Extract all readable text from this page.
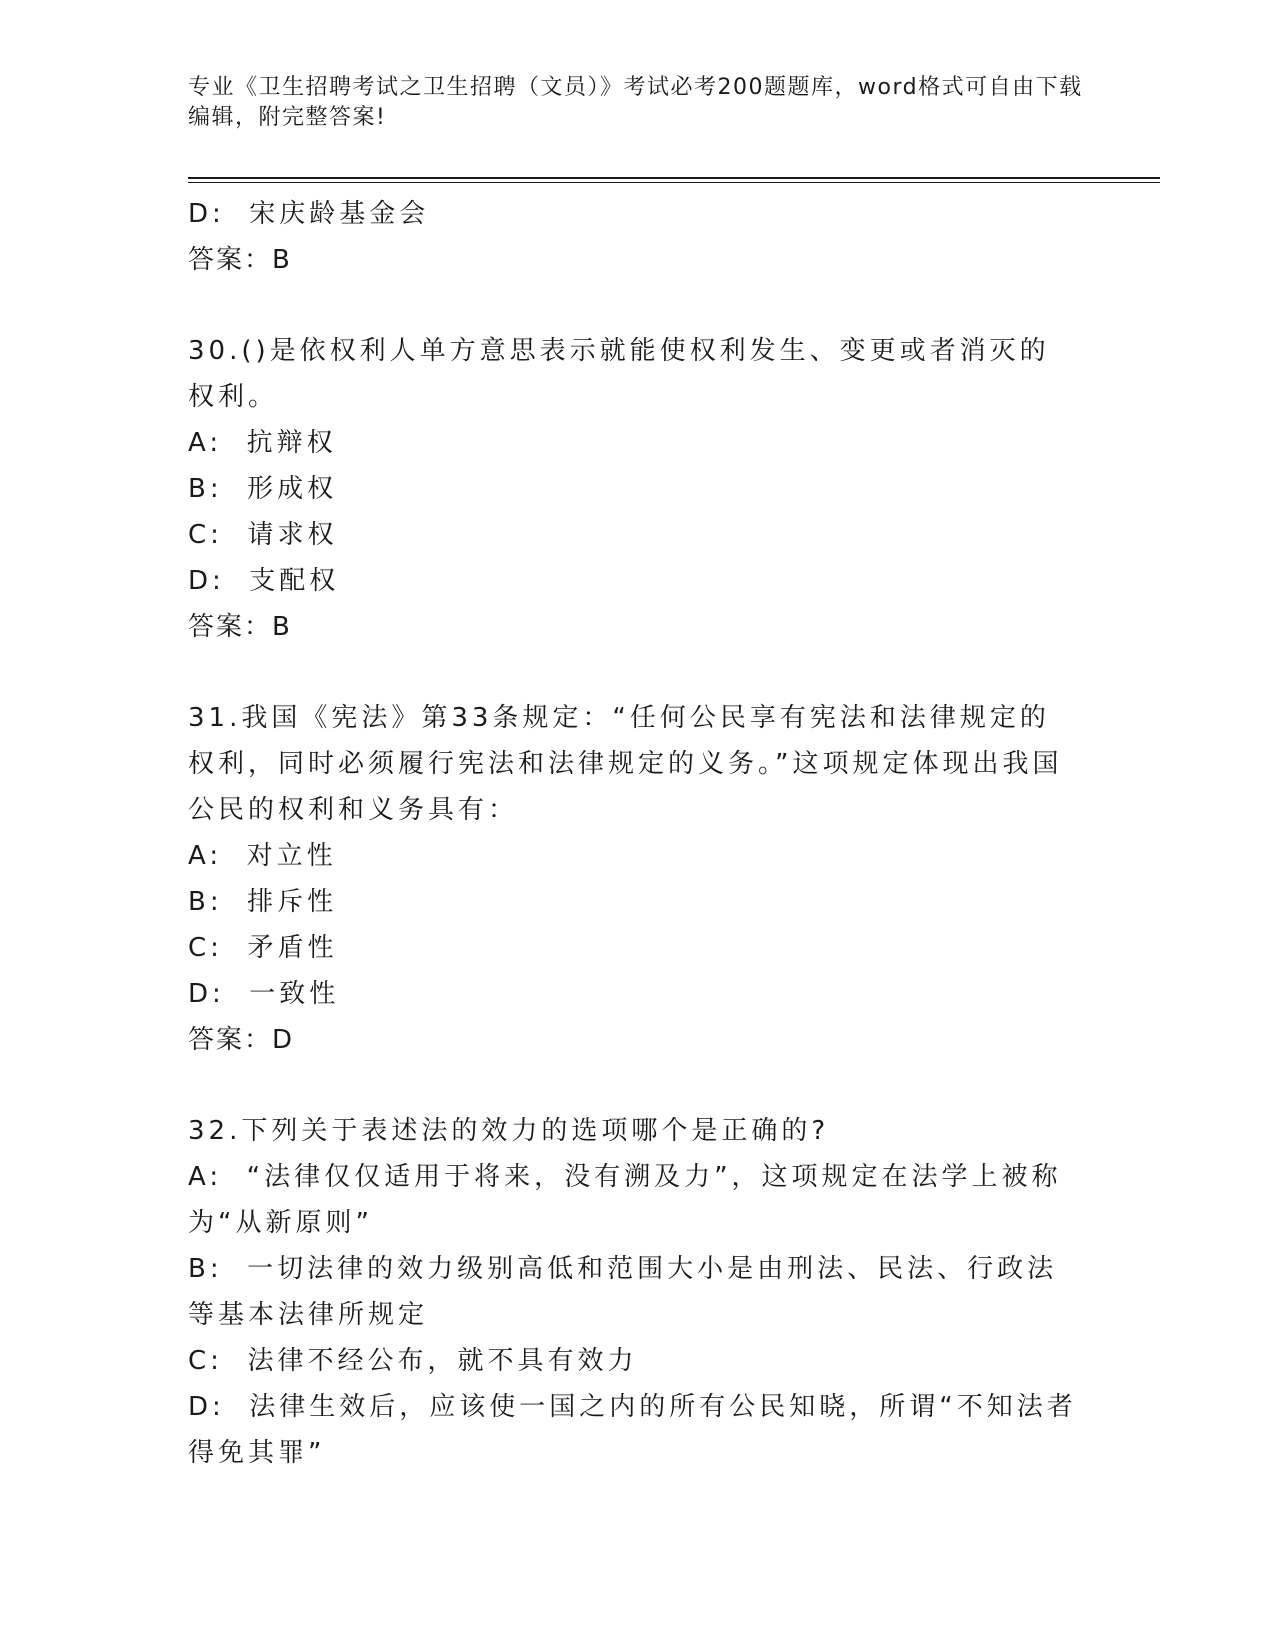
专业《卫生招聘考试之卫生招聘（文员）》考试必考200题题库，word格式可自由下载编辑，附完整答案!
D:  宋庆龄基金会
答案：B
30.()是依权利人单方意思表示就能使权利发生、变更或者消灭的权利。
A:  抗辩权
B:  形成权
C:  请求权
D:  支配权
答案：B
31.我国《宪法》第33条规定：“任何公民享有宪法和法律规定的权利，同时必须履行宪法和法律规定的义务。”这项规定体现出我国公民的权利和义务具有：
A:  对立性
B:  排斥性
C:  矛盾性
D:  一致性
答案：D
32.下列关于表述法的效力的选项哪个是正确的?
A:  “法律仅仅适用于将来，没有溯及力”，这项规定在法学上被称为“从新原则”
B:  一切法律的效力级别高低和范围大小是由刑法、民法、行政法等基本法律所规定
C:  法律不经公布，就不具有效力
D:  法律生效后，应该使一国之内的所有公民知晓，所谓“不知法者得免其罪”
